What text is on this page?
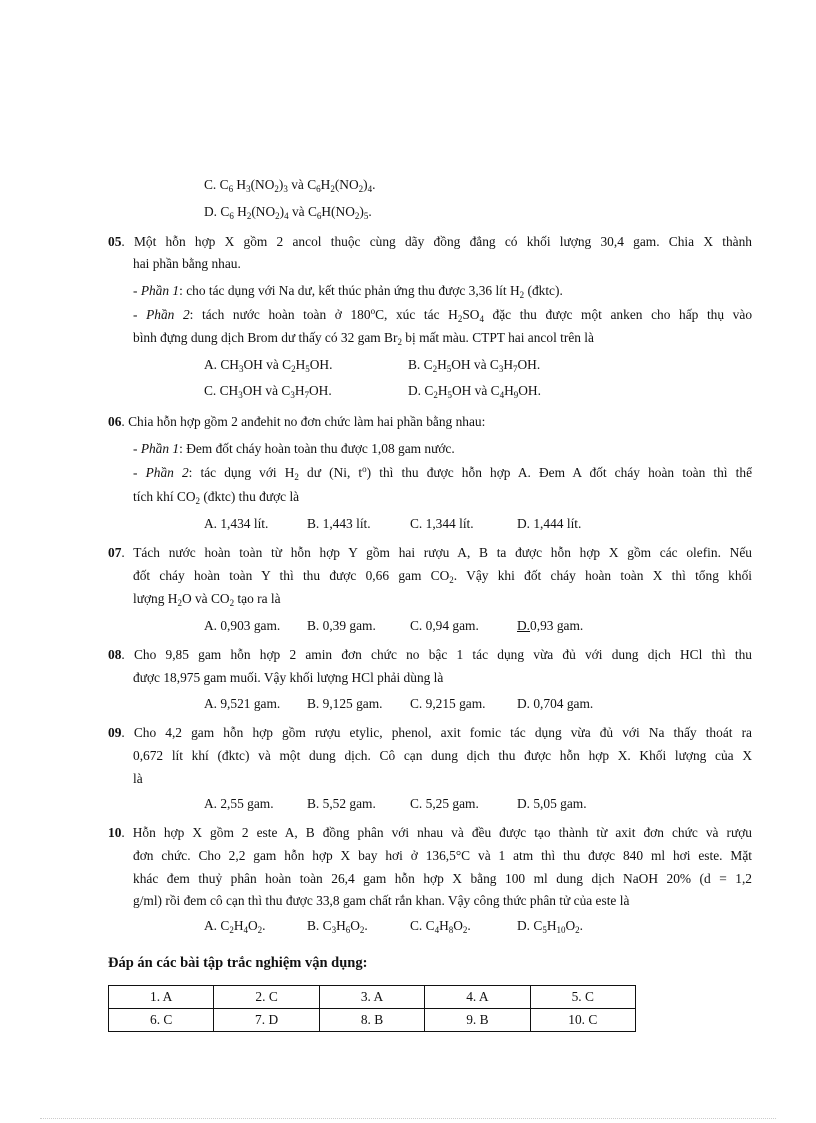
C. $C_6$ $H_3(NO_2)_3$ và $C_6H_2(NO_2)_4$.
D. $C_6$ $H_2(NO_2)_4$ và $C_6H(NO_2)_5$.
05. Một hỗn hợp X gồm 2 ancol thuộc cùng dãy đồng đẳng có khối lượng 30,4 gam. Chia X thành
hai phần bằng nhau.
- Phần 1: cho tác dụng với Na dư, kết thúc phản ứng thu được 3,36 lít $H_2$ (đktc).
- Phần 2: tách nước hoàn toàn ở 180$^o$C, xúc tác $H_2SO_4$ đặc thu được một anken cho hấp thụ vào
bình đựng dung dịch Brom dư thấy có 32 gam $Br_2$ bị mất màu. CTPT hai ancol trên là
A. $CH_3OH$ và $C_2H_5OH$.	B. $C_2H_5OH$ và $C_3H_7OH$.
C. $CH_3OH$ và $C_3H_7OH$.	D. $C_2H_5OH$ và $C_4H_9OH$.
06. Chia hỗn hợp gồm 2 anđehit no đơn chức làm hai phần bằng nhau:
- Phần 1: Đem đốt cháy hoàn toàn thu được 1,08 gam nước.
- Phần 2: tác dụng với $H_2$ dư (Ni, $t^o$) thì thu được hỗn hợp A. Đem A đốt cháy hoàn toàn thì thể
tích khí $CO_2$ (đktc) thu được là
A. 1,434 lít.	B. 1,443 lít.	C. 1,344 lít.	D. 1,444 lít.
07. Tách nước hoàn toàn từ hỗn hợp Y gồm hai rượu A, B ta được hỗn hợp X gồm các olefin. Nếu
đốt cháy hoàn toàn Y thì thu được 0,66 gam $CO_2$. Vậy khi đốt cháy hoàn toàn X thì tổng khối
lượng $H_2O$ và $CO_2$ tạo ra là
A. 0,903 gam. B. 0,39 gam.	C. 0,94 gam.	D.0,93 gam.
08. Cho 9,85 gam hỗn hợp 2 amin đơn chức no bậc 1 tác dụng vừa đủ với dung dịch HCl thì thu
được 18,975 gam muối. Vậy khối lượng HCl phải dùng là
A. 9,521 gam. B. 9,125 gam. C. 9,215 gam. D. 0,704 gam.
09. Cho 4,2 gam hỗn hợp gồm rượu etylic, phenol, axit fomic tác dụng vừa đủ với Na thấy thoát ra
0,672 lít khí (đktc) và một dung dịch. Cô cạn dung dịch thu được hỗn hợp X. Khối lượng của X
là
A. 2,55 gam. B. 5,52 gam.	C. 5,25 gam.	D. 5,05 gam.
10. Hỗn hợp X gồm 2 este A, B đồng phân với nhau và đều được tạo thành từ axit đơn chức và rượu
đơn chức. Cho 2,2 gam hỗn hợp X bay hơi ở 136,5°C và 1 atm thì thu được 840 ml hơi este. Mặt
khác đem thuỷ phân hoàn toàn 26,4 gam hỗn hợp X bằng 100 ml dung dịch NaOH 20% (d = 1,2
g/ml) rồi đem cô cạn thì thu được 33,8 gam chất rắn khan. Vậy công thức phân tử của este là
A. $C_2H_4O_2$.	B. $C_3H_6O_2$.	C. $C_4H_8O_2$.	D. $C_5H_{10}O_2$.
Đáp án các bài tập trắc nghiệm vận dụng:
1. A	2. C	3. A	4. A	5. C
6. C	7. D	8. B	9. B	10. C
